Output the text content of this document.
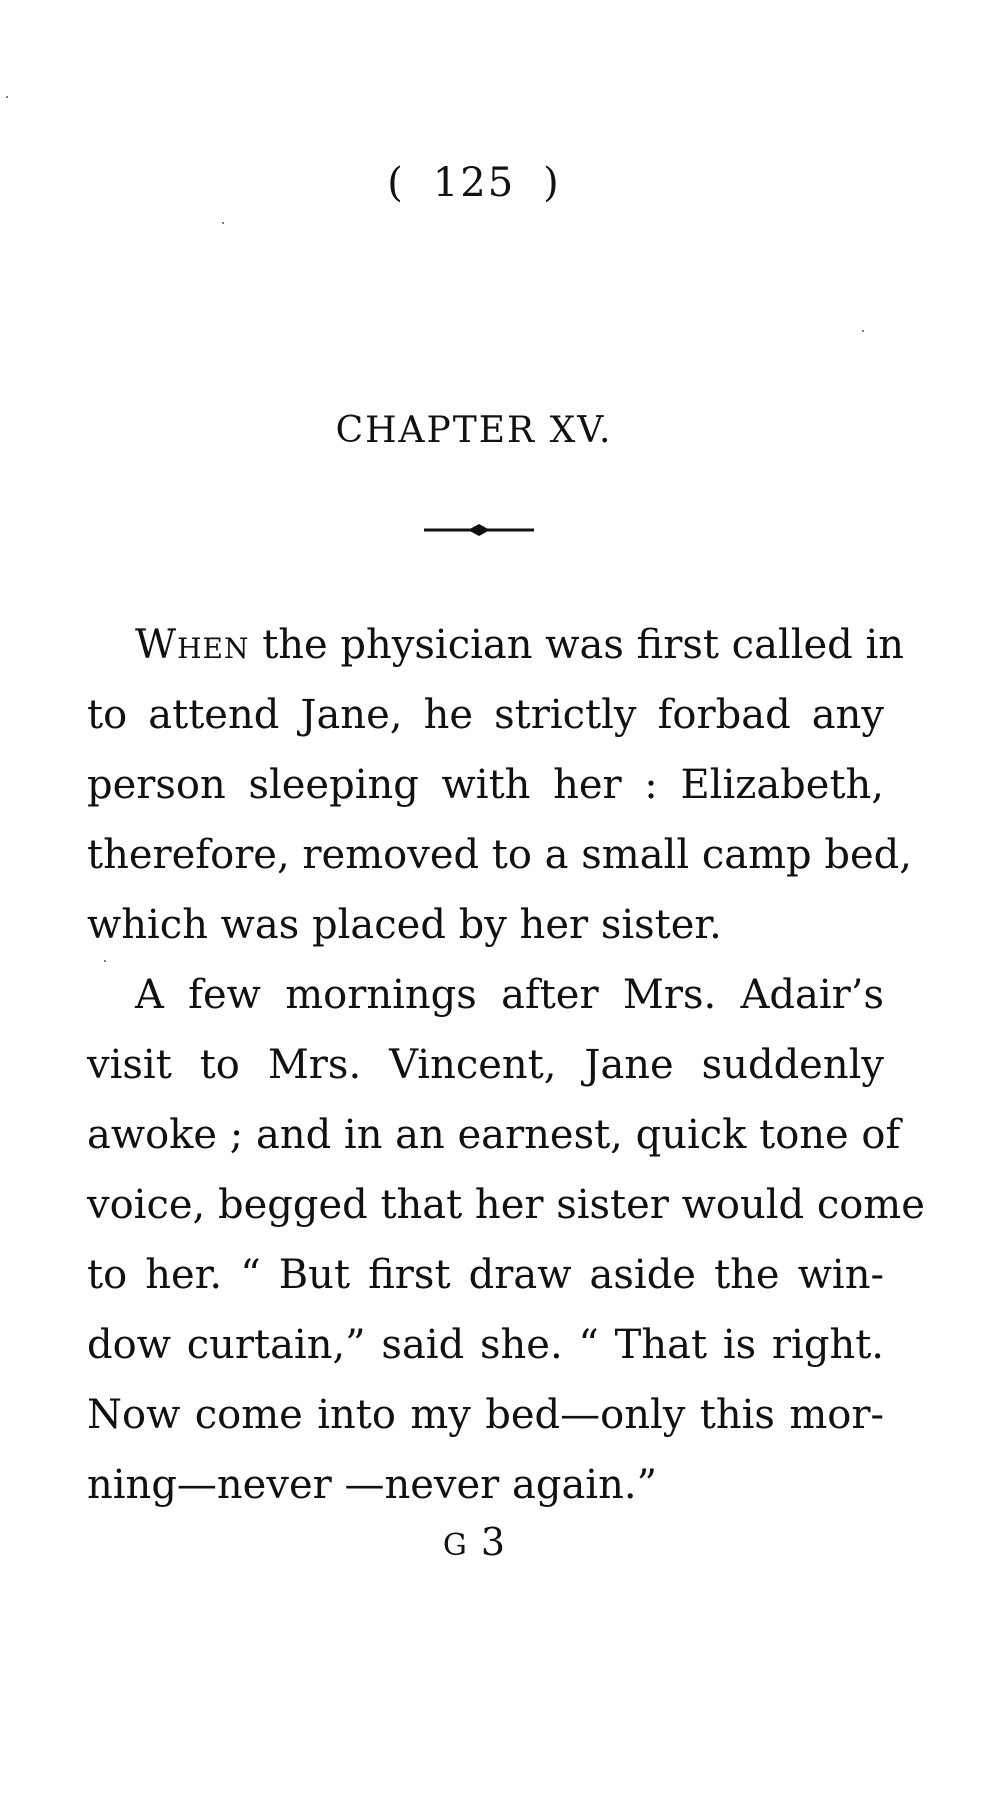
( 125 )
CHAPTER XV.
When the physician was first called in
to attend Jane, he strictly forbad any
person sleeping with her : Elizabeth,
therefore, removed to a small camp bed,
which was placed by her sister.
A few mornings after Mrs. Adair’s
visit to Mrs. Vincent, Jane suddenly
awoke ; and in an earnest, quick tone of
voice, begged that her sister would come
to her. “ But first draw aside the win-
dow curtain,” said she. “ That is right.
Now come into my bed—only this mor-
ning—never —never again.”
G 3
